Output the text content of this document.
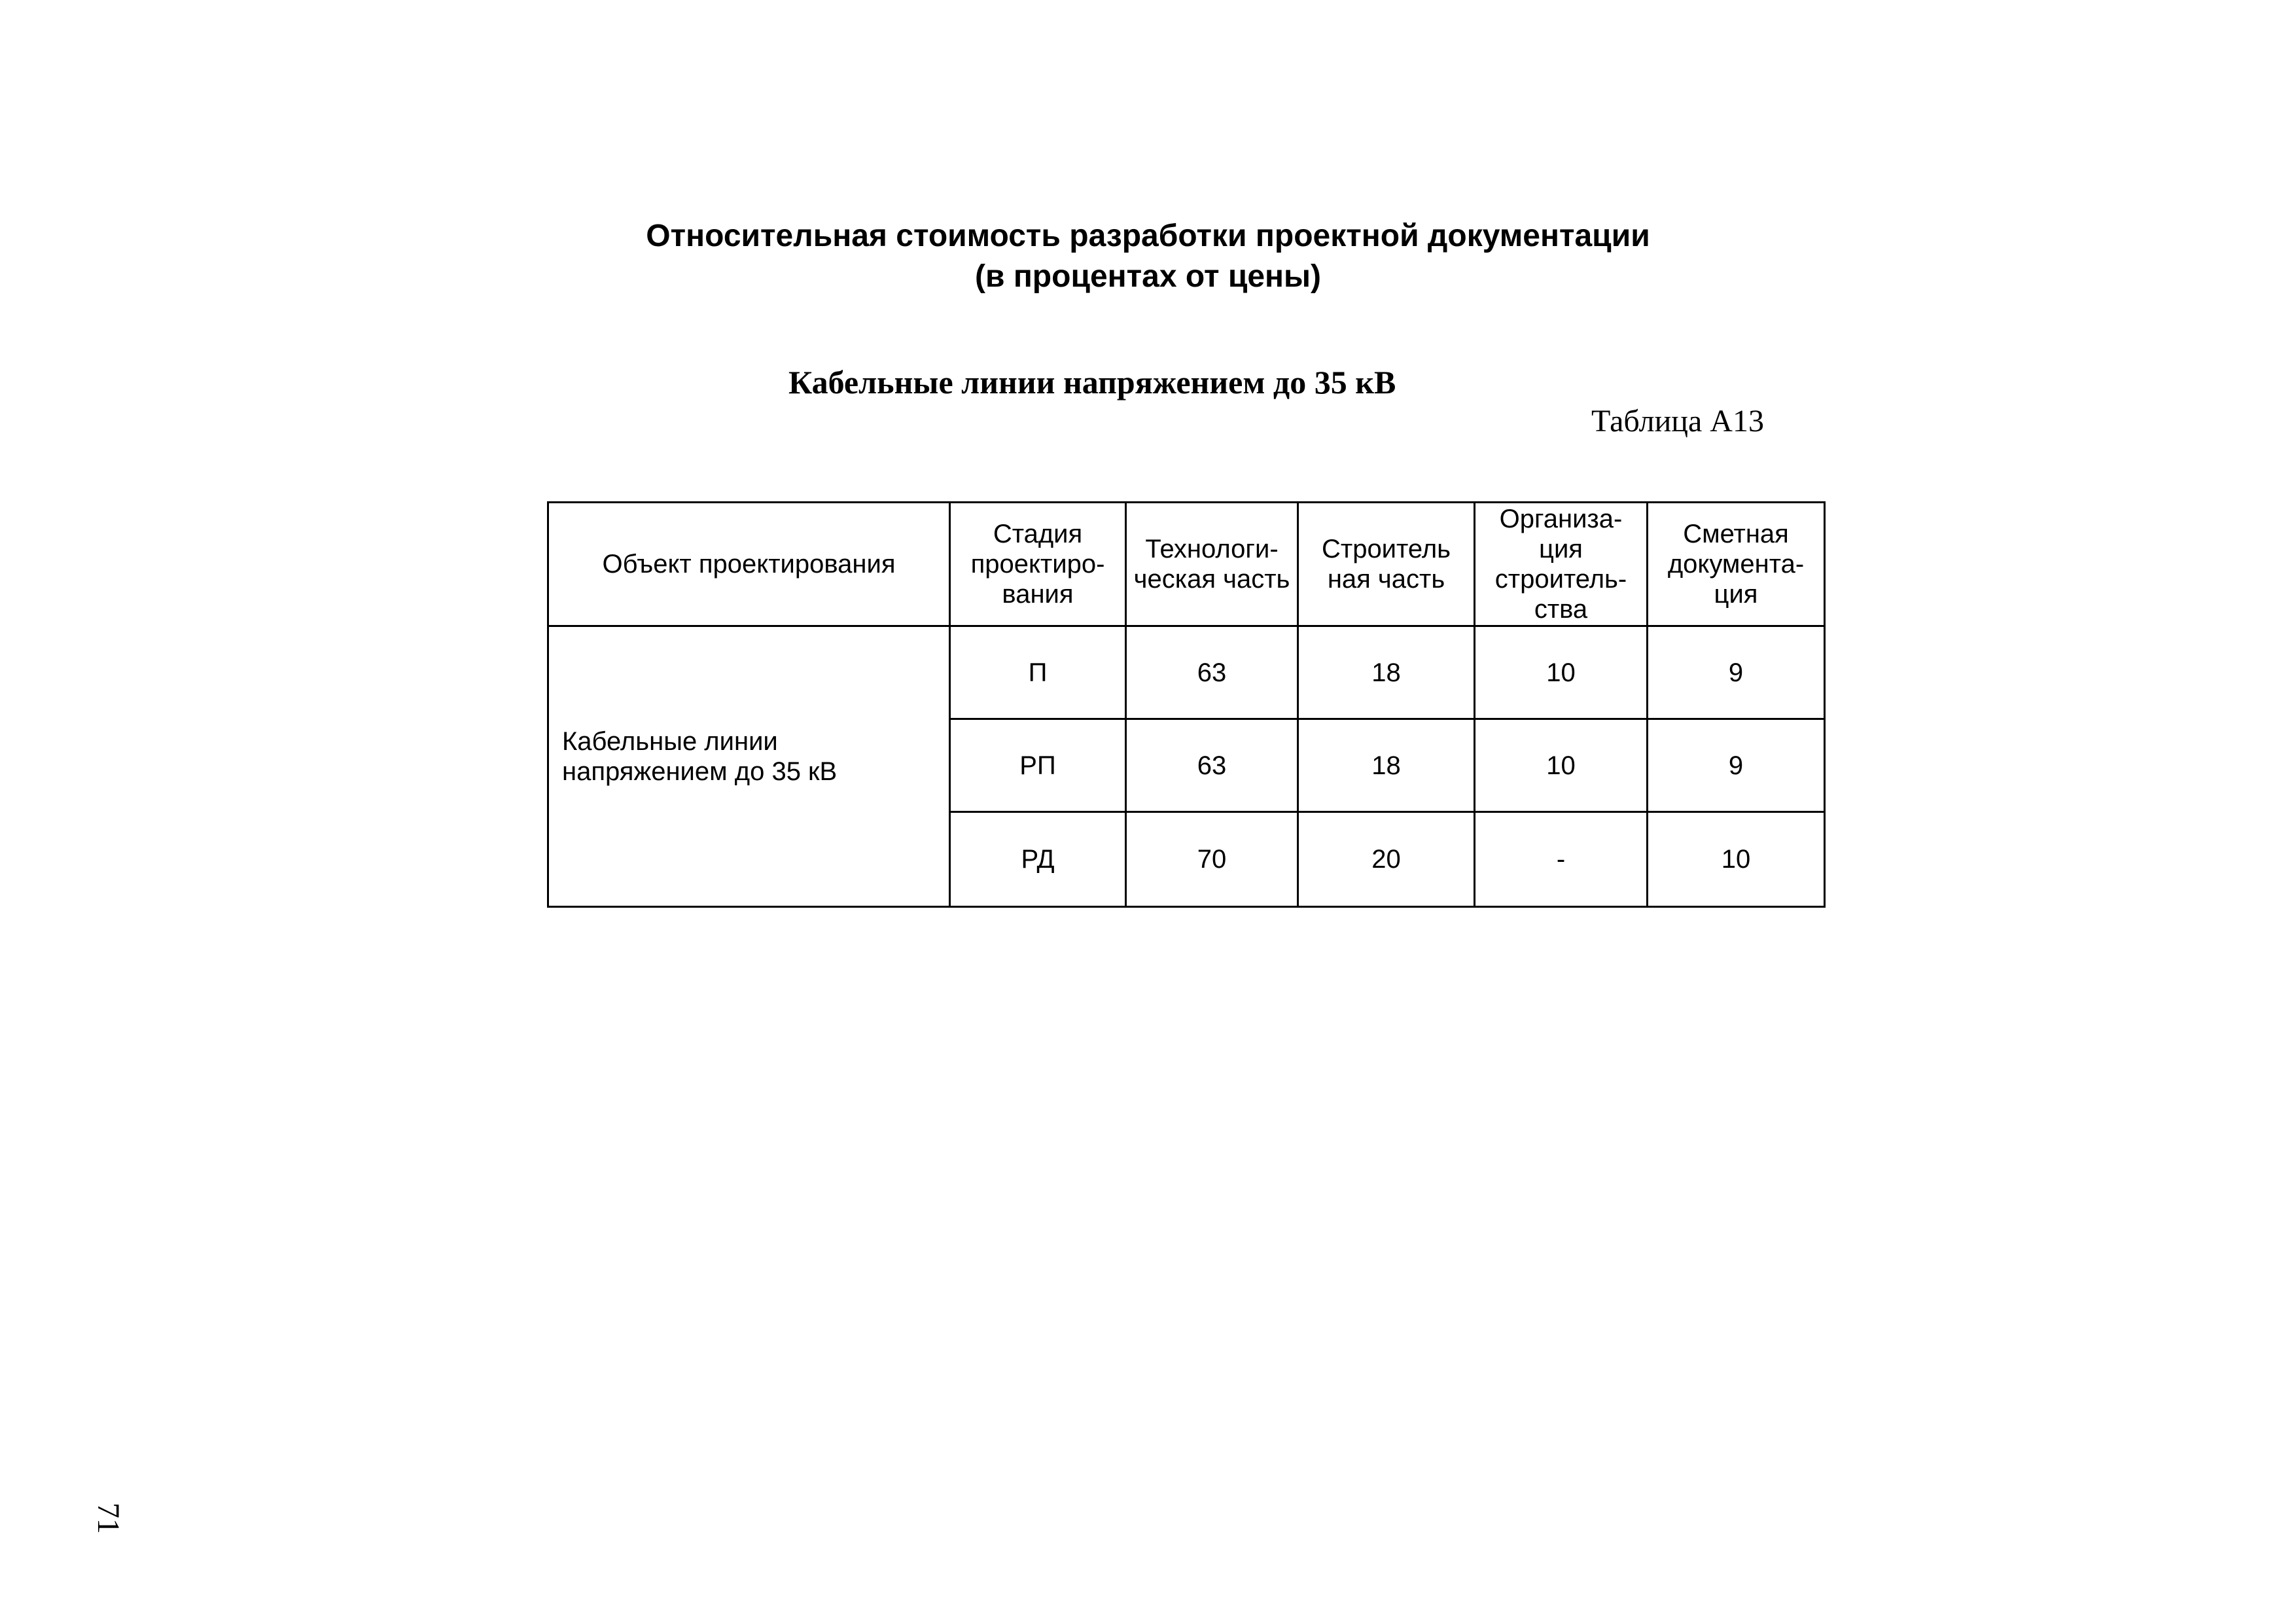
Относительная стоимость разработки проектной документации
(в процентах от цены)
Кабельные линии напряжением до 35 кВ
Таблица А13
Объект проектирования	Стадия проектиро-вания	Технологи-ческая часть	Строитель ная часть	Организа-ция строитель-ства	Сметная документа-ция
Кабельные линии напряжением до 35 кВ	П	63	18	10	9
	РП	63	18	10	9
	РД	70	20	-	10
71
